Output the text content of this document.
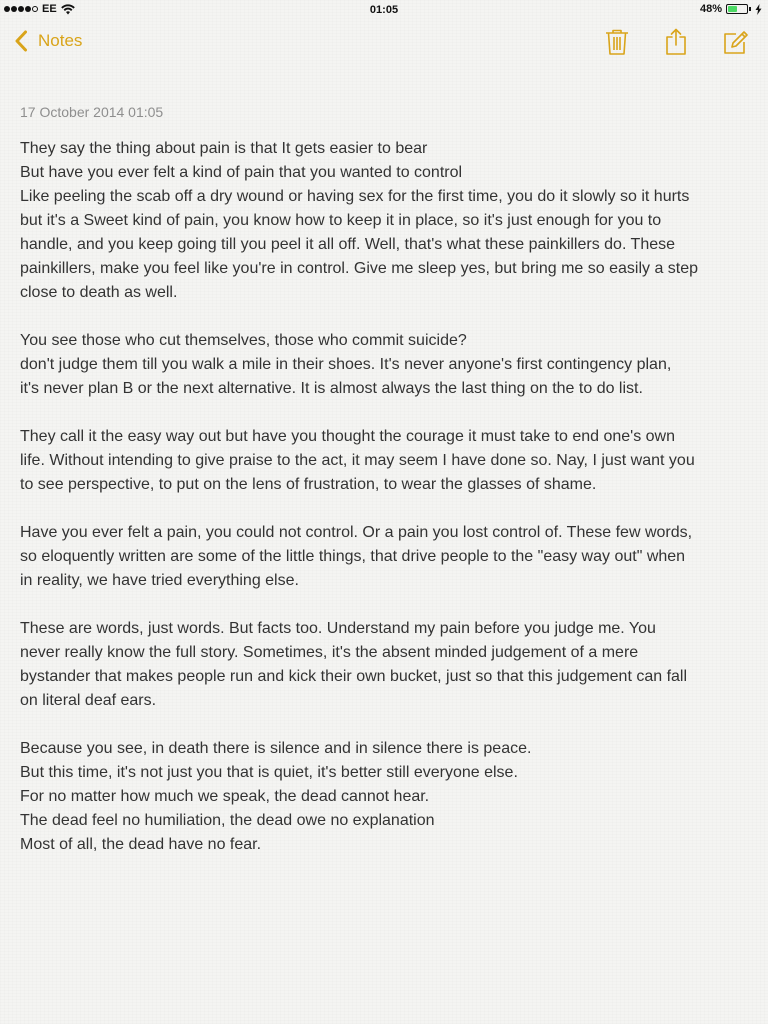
EE	01:05	48%
Notes
17 October 2014 01:05

They say the thing about pain is that It gets easier to bear
But have you ever felt a kind of pain that you wanted to control
Like peeling the scab off a dry wound or having sex for the first time, you do it slowly so it hurts
but it's a Sweet kind of pain, you know how to keep it in place, so it's just enough for you to
handle, and you keep going till you peel it all off. Well, that's what these painkillers do. These
painkillers, make you feel like you're in control. Give me sleep yes, but bring me so easily a step
close to death as well.

You see those who cut themselves, those who commit suicide?
don't judge them till you walk a mile in their shoes. It's never anyone's first contingency plan,
it's never plan B or the next alternative. It is almost always the last thing on the to do list.

They call it the easy way out but have you thought the courage it must take to end one's own
life. Without intending to give praise to the act, it may seem I have done so. Nay, I just want you
to see perspective, to put on the lens of frustration, to wear the glasses of shame.

Have you ever felt a pain, you could not control. Or a pain you lost control of. These few words,
so eloquently written are some of the little things, that drive people to the "easy way out" when
in reality, we have tried everything else.

These are words, just words. But facts too. Understand my pain before you judge me. You
never really know the full story. Sometimes, it's the absent minded judgement of a mere
bystander that makes people run and kick their own bucket, just so that this judgement can fall
on literal deaf ears.

Because you see, in death there is silence and in silence there is peace.
But this time, it's not just you that is quiet, it's better still everyone else.
For no matter how much we speak, the dead cannot hear.
The dead feel no humiliation, the dead owe no explanation
Most of all, the dead have no fear.
